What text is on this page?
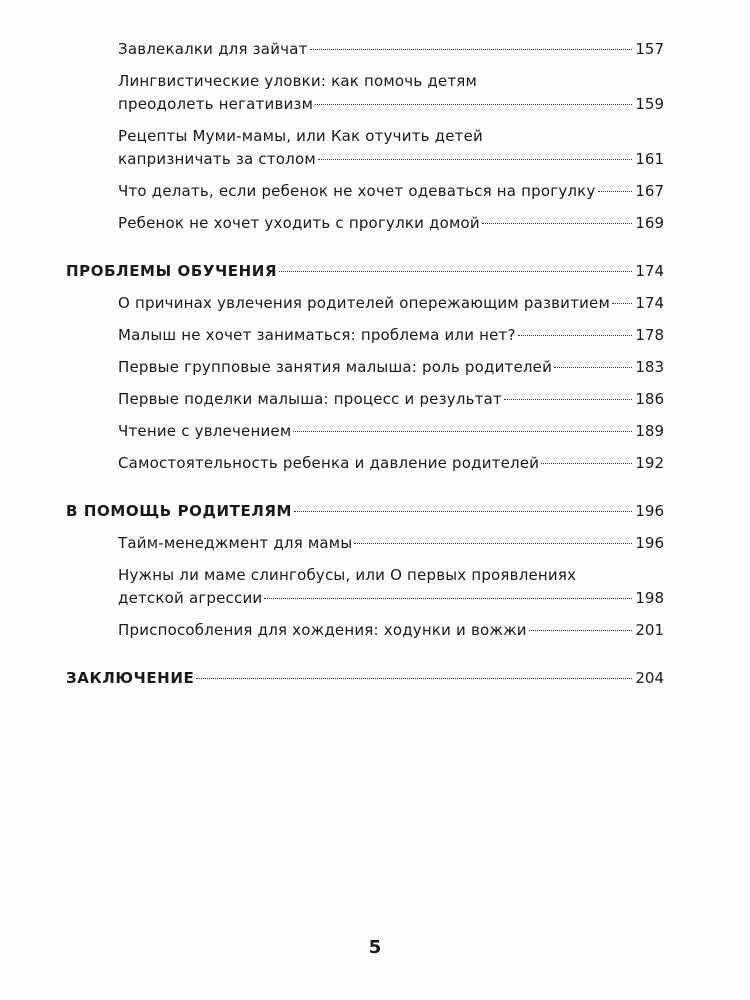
Завлекалки для зайчат	157
Лингвистические уловки: как помочь детям
преодолеть негативизм	159
Рецепты Муми-мамы, или Как отучить детей
капризничать за столом	161
Что делать, если ребенок не хочет одеваться на прогулку	167
Ребенок не хочет уходить с прогулки домой	169
ПРОБЛЕМЫ ОБУЧЕНИЯ	174
О причинах увлечения родителей опережающим развитием 174
Малыш не хочет заниматься: проблема или нет?	178
Первые групповые занятия малыша: роль родителей	183
Первые поделки малыша: процесс и результат	186
Чтение с увлечением	189
Самостоятельность ребенка и давление родителей	192
В ПОМОЩЬ РОДИТЕЛЯМ	196
Тайм-менеджмент для мамы	196
Нужны ли маме слингобусы, или О первых проявлениях
детской агрессии	198
Приспособления для хождения: ходунки и вожжи	201
ЗАКЛЮЧЕНИЕ	204
5
